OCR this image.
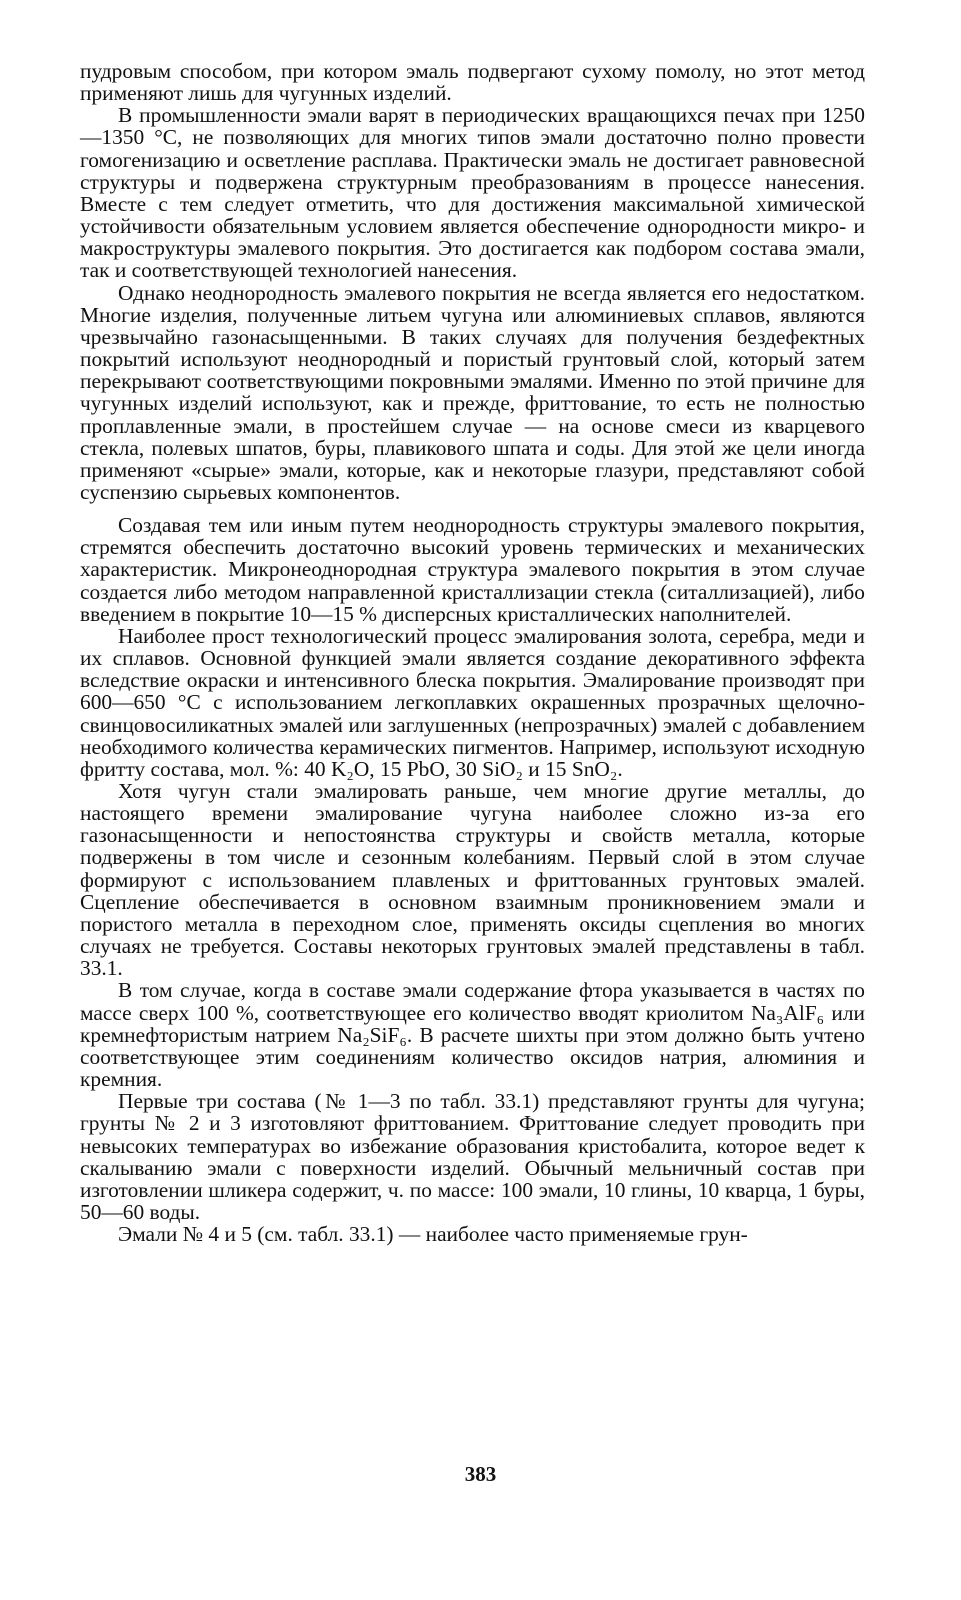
пудровым способом, при котором эмаль подвергают сухому помолу, но этот метод применяют лишь для чугунных изделий.

В промышленности эмали варят в периодических вращающихся печах при 1250—1350 °С, не позволяющих для многих типов эмали достаточно полно провести гомогенизацию и осветление расплава. Практически эмаль не достигает равновесной структуры и подвержена структурным преобразованиям в процессе нанесения. Вместе с тем следует отметить, что для достижения максимальной химической устойчивости обязательным условием является обеспечение однородности микро- и макроструктуры эмалевого покрытия. Это достигается как подбором состава эмали, так и соответствующей технологией нанесения.

Однако неоднородность эмалевого покрытия не всегда является его недостатком. Многие изделия, полученные литьем чугуна или алюминиевых сплавов, являются чрезвычайно газонасыщенными. В таких случаях для получения бездефектных покрытий используют неоднородный и пористый грунтовый слой, который затем перекрывают соответствующими покровными эмалями. Именно по этой причине для чугунных изделий используют, как и прежде, фриттование, то есть не полностью проплавленные эмали, в простейшем случае — на основе смеси из кварцевого стекла, полевых шпатов, буры, плавикового шпата и соды. Для этой же цели иногда применяют «сырые» эмали, которые, как и некоторые глазури, представляют собой суспензию сырьевых компонентов.

Создавая тем или иным путем неоднородность структуры эмалевого покрытия, стремятся обеспечить достаточно высокий уровень термических и механических характеристик. Микронеоднородная структура эмалевого покрытия в этом случае создается либо методом направленной кристаллизации стекла (ситаллизацией), либо введением в покрытие 10—15 % дисперсных кристаллических наполнителей.

Наиболее прост технологический процесс эмалирования золота, серебра, меди и их сплавов. Основной функцией эмали является создание декоративного эффекта вследствие окраски и интенсивного блеска покрытия. Эмалирование производят при 600—650 °С с использованием легкоплавких окрашенных прозрачных щелочно-свинцовосиликатных эмалей или заглушенных (непрозрачных) эмалей с добавлением необходимого количества керамических пигментов. Например, используют исходную фритту состава, мол. %: 40 K₂O, 15 PbO, 30 SiO₂ и 15 SnO₂.

Хотя чугун стали эмалировать раньше, чем многие другие металлы, до настоящего времени эмалирование чугуна наиболее сложно из-за его газонасыщенности и непостоянства структуры и свойств металла, которые подвержены в том числе и сезонным колебаниям. Первый слой в этом случае формируют с использованием плавленых и фриттованных грунтовых эмалей. Сцепление обеспечивается в основном взаимным проникновением эмали и пористого металла в переходном слое, применять оксиды сцепления во многих случаях не требуется. Составы некоторых грунтовых эмалей представлены в табл. 33.1.

В том случае, когда в составе эмали содержание фтора указывается в частях по массе сверх 100 %, соответствующее его количество вводят криолитом Na₃AlF₆ или кремнефтористым натрием Na₂SiF₆. В расчете шихты при этом должно быть учтено соответствующее этим соединениям количество оксидов натрия, алюминия и кремния.

Первые три состава (№ 1—3 по табл. 33.1) представляют грунты для чугуна; грунты № 2 и 3 изготовляют фриттованием. Фриттование следует проводить при невысоких температурах во избежание образования кристобалита, которое ведет к скалыванию эмали с поверхности изделий. Обычный мельничный состав при изготовлении шликера содержит, ч. по массе: 100 эмали, 10 глины, 10 кварца, 1 буры, 50—60 воды.

Эмали № 4 и 5 (см. табл. 33.1) — наиболее часто применяемые грун-

383
